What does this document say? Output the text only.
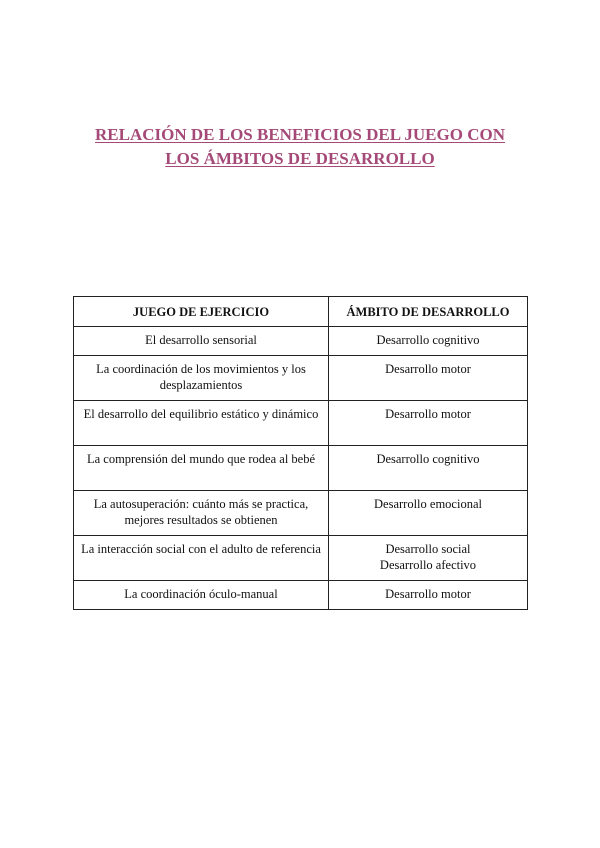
RELACIÓN DE LOS BENEFICIOS DEL JUEGO CON
LOS ÁMBITOS DE DESARROLLO
JUEGO DE EJERCICIO	ÁMBITO DE DESARROLLO
El desarrollo sensorial	Desarrollo cognitivo

La coordinación de los movimientos y los desplazamientos	Desarrollo motor

El desarrollo del equilibrio estático y dinámico	Desarrollo motor

La comprensión del mundo que rodea al bebé	Desarrollo cognitivo

La autosuperación: cuánto más se practica, mejores resultados se obtienen	Desarrollo emocional

La interacción social con el adulto de referencia	Desarrollo social
Desarrollo afectivo

La coordinación óculo-manual	Desarrollo motor
